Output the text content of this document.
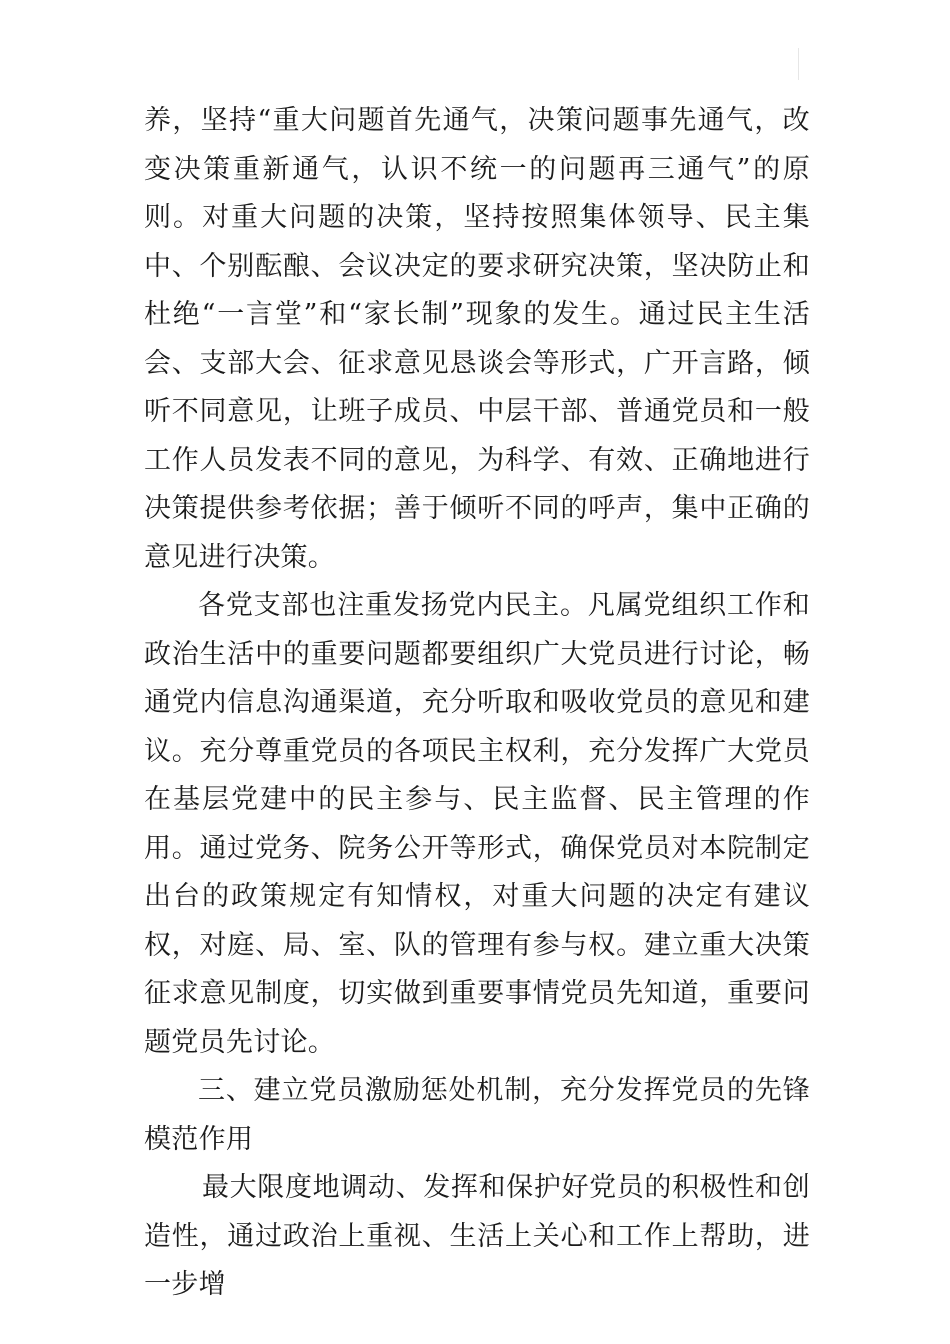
养，坚持“重大问题首先通气，决策问题事先通气，改变决策重新通气，认识不统一的问题再三通气”的原则。对重大问题的决策，坚持按照集体领导、民主集中、个别酝酿、会议决定的要求研究决策，坚决防止和杜绝“一言堂”和“家长制”现象的发生。通过民主生活会、支部大会、征求意见恳谈会等形式，广开言路，倾听不同意见，让班子成员、中层干部、普通党员和一般工作人员发表不同的意见，为科学、有效、正确地进行决策提供参考依据；善于倾听不同的呼声，集中正确的意见进行决策。

各党支部也注重发扬党内民主。凡属党组织工作和政治生活中的重要问题都要组织广大党员进行讨论，畅通党内信息沟通渠道，充分听取和吸收党员的意见和建议。充分尊重党员的各项民主权利，充分发挥广大党员在基层党建中的民主参与、民主监督、民主管理的作用。通过党务、院务公开等形式，确保党员对本院制定出台的政策规定有知情权，对重大问题的决定有建议权，对庭、局、室、队的管理有参与权。建立重大决策征求意见制度，切实做到重要事情党员先知道，重要问题党员先讨论。

三、建立党员激励惩处机制，充分发挥党员的先锋模范作用

最大限度地调动、发挥和保护好党员的积极性和创造性，通过政治上重视、生活上关心和工作上帮助，进一步增
